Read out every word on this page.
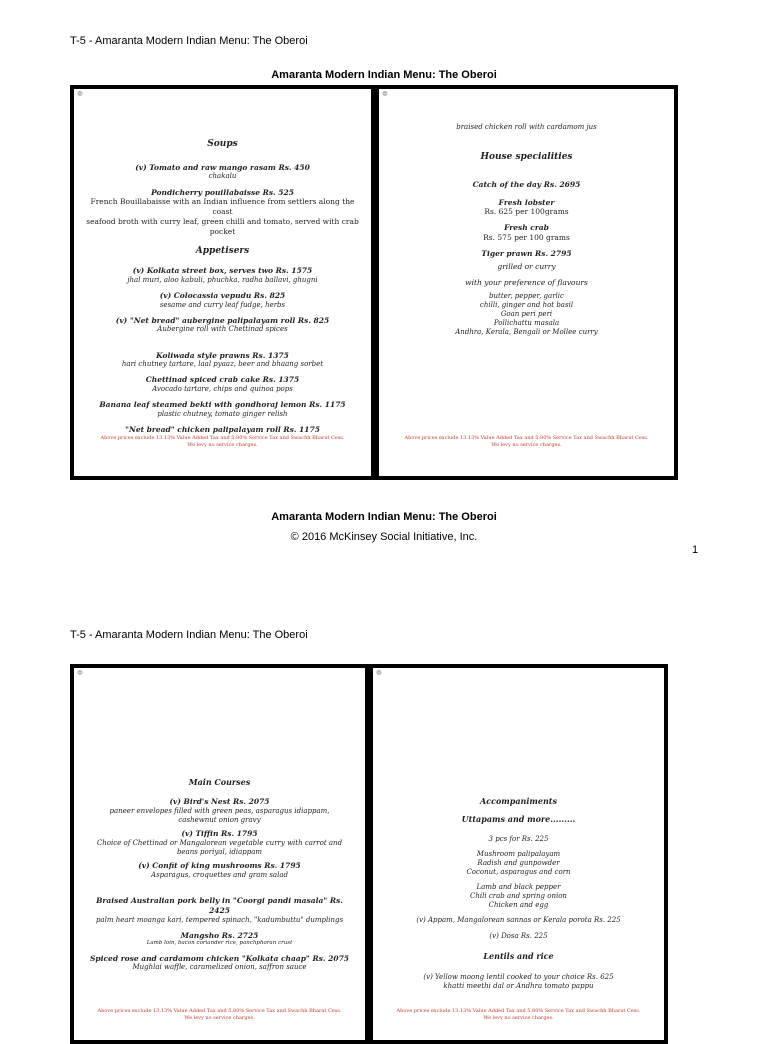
T-5 - Amaranta Modern Indian Menu: The Oberoi
Amaranta Modern Indian Menu: The Oberoi
❁
Soups
(v) Tomato and raw mango rasam Rs. 450
chakalu
Pondicherry pouillabaisse Rs. 525
French Bouillabaisse with an Indian influence from settlers along the coast
seafood broth with curry leaf, green chilli and tomato, served with crab pocket
Appetisers
(v) Kolkata street box, serves two Rs. 1575
jhal muri, aloo kabuli, phuchka, radha ballavi, ghugni
(v) Colocassia vepudu Rs. 825
sesame and curry leaf fudge, herbs
(v) "Net bread" aubergine palipalayam roll Rs. 825
Aubergine roll with Chettinad spices
Koliwada style prawns Rs. 1375
hari chutney tartare, laal pyaaz, beer and bhaang sorbet
Chettinad spiced crab cake Rs. 1375
Avocado tartare, chips and quinoa pops
Banana leaf steamed bekti with gondhoraj lemon Rs. 1175
plastic chutney, tomato ginger relish
"Net bread" chicken palipalayam roll Rs. 1175
Above prices exclude 13.13% Value Added Tax and 5.80% Service Tax and Swachh Bharat Cess.
We levy no service charges.
❁
braised chicken roll with cardamom jus
House specialities
Catch of the day Rs. 2695
Fresh lobster
Rs. 625 per 100grams
Fresh crab
Rs. 575 per 100 grams
Tiger prawn Rs. 2795
grilled or curry
with your preference of flavours
butter, pepper, garlic
chilli, ginger and hot basil
Goan peri peri
Pollichattu masala
Andhra, Kerala, Bengali or Mollee curry
Above prices exclude 13.13% Value Added Tax and 5.80% Service Tax and Swachh Bharat Cess.
We levy no service charges.
Amaranta Modern Indian Menu: The Oberoi
© 2016 McKinsey Social Initiative, Inc.
1
T-5 - Amaranta Modern Indian Menu: The Oberoi
❁
Main Courses
(v) Bird's Nest Rs. 2075
paneer envelopes filled with green peas, asparagus idiappam,
cashewnut onion gravy
(v) Tiffin Rs. 1795
Choice of Chettinad or Mangalorean vegetable curry with carrot and
beans poriyal, idiappam
(v) Confit of king mushrooms Rs. 1795
Asparagus, croquettes and gram salad
Braised Australian pork belly in "Coorgi pandi masala" Rs. 2425
palm heart moanga kari, tempered spinach, "kadumbuttu" dumplings
Mangsho Rs. 2725
Lamb loin, bacon coriander rice, panchphoran crust
Spiced rose and cardamom chicken "Kolkata chaap" Rs. 2075
Mughlai waffle, caramelized onion, saffron sauce
Above prices exclude 13.13% Value Added Tax and 5.80% Service Tax and Swachh Bharat Cess.
We levy no service charges.
❁
Accompaniments
Uttapams and more.........
3 pcs for Rs. 225
Mushroom palipalayam
Radish and gunpowder
Coconut, asparagus and corn
Lamb and black pepper
Chili crab and spring onion
Chicken and egg
(v) Appam, Mangalorean sannas or Kerala porota Rs. 225
(v) Dosa Rs. 225
Lentils and rice
(v) Yellow moong lentil cooked to your choice Rs. 625
khatti meethi dal or Andhra tomato pappu
Above prices exclude 13.13% Value Added Tax and 5.80% Service Tax and Swachh Bharat Cess.
We levy no service charges.
